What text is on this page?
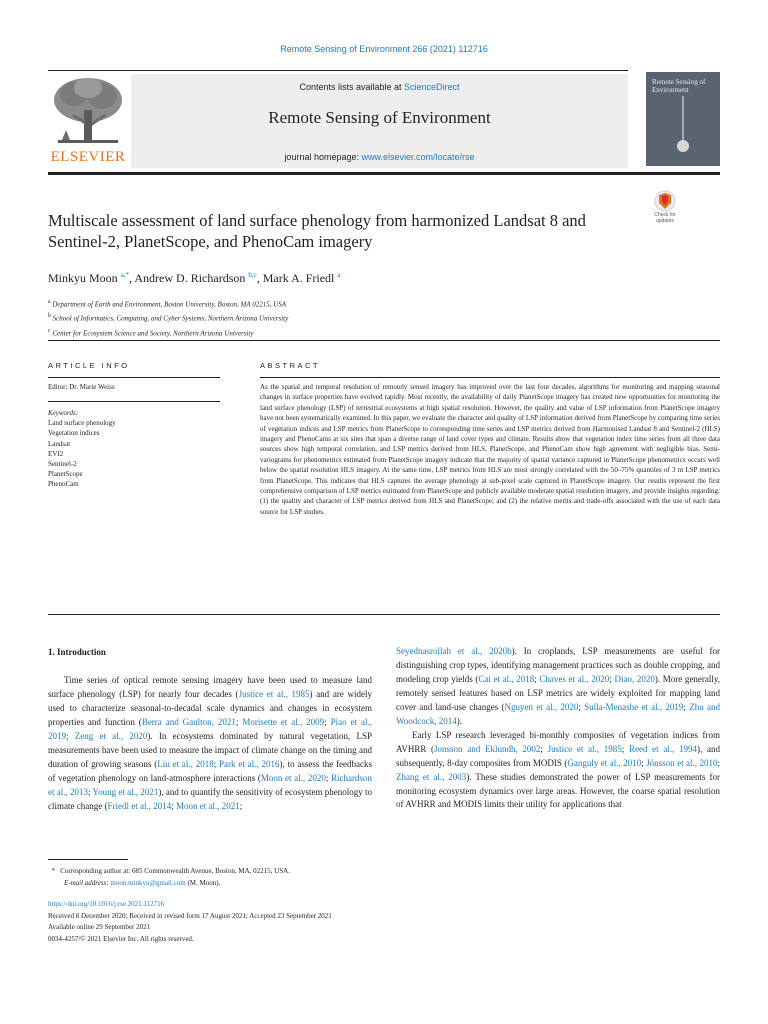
Remote Sensing of Environment 266 (2021) 112716
ELSEVIER
Contents lists available at ScienceDirect
Remote Sensing of Environment
journal homepage: www.elsevier.com/locate/rse
Remote Sensing of Environment
Multiscale assessment of land surface phenology from harmonized Landsat 8 and Sentinel-2, PlanetScope, and PhenoCam imagery
Check for updates
Minkyu Moon $^{a,*}$, Andrew D. Richardson $^{b,c}$, Mark A. Friedl $^a$
$^a$ Department of Earth and Environment, Boston University, Boston, MA 02215, USA
$^b$ School of Informatics, Computing, and Cyber Systems, Northern Arizona University
$^c$ Center for Ecosystem Science and Society, Northern Arizona University
ARTICLE INFO	ABSTRACT
Editor: Dr. Marie Weiss
Keywords:
Land surface phenology
Vegetation indices
Landsat
EVI2
Sentinel-2
PlanetScope
PhenoCam
As the spatial and temporal resolution of remotely sensed imagery has improved over the last four decades, algorithms for monitoring and mapping seasonal changes in surface properties have evolved rapidly. Most recently, the availability of daily PlanetScope imagery has created new opportunities for monitoring the land surface phenology (LSP) of terrestrial ecosystems at high spatial resolution. However, the quality and value of LSP information from PlanetScope imagery have not been systematically examined. In this paper, we evaluate the character and quality of LSP information derived from PlanetScope by comparing time series of vegetation indices and LSP metrics from PlanetScope to corresponding time series and LSP metrics derived from Harmonised Landsat 8 and Sentinel-2 (HLS) imagery and PhenoCams at six sites that span a diverse range of land cover types and climate. Results show that vegetation index time series from all three data sources show high temporal correlation, and LSP metrics derived from HLS, PlanetScope, and PhenoCam show high agreement with negligible bias. Semi-variograms for phenometrics estimated from PlanetScope imagery indicate that the majority of spatial variance captured in PlanetScope phenometrics occurs well below the spatial resolution HLS imagery. At the same time, LSP metrics from HLS are most strongly correlated with the 50–75% quantiles of 3 m LSP metrics from PlanetScope. This indicates that HLS captures the average phenology at sub-pixel scale captured in PlanetScope imagery. Our results represent the first comprehensive comparison of LSP metrics estimated from PlanetScope and publicly available moderate spatial resolution imagery, and provide insights regarding: (1) the quality and character of LSP metrics derived from HLS and PlanetScope; and (2) the relative merits and trade-offs associated with the use of each data source for LSP studies.
1. Introduction

Time series of optical remote sensing imagery have been used to measure land surface phenology (LSP) for nearly four decades (Justice et al., 1985) and are widely used to characterize seasonal-to-decadal scale dynamics and changes in ecosystem properties and function (Berra and Gaulton, 2021; Morisette et al., 2009; Piao et al., 2019; Zeng et al., 2020). In ecosystems dominated by natural vegetation, LSP measurements have been used to measure the impact of climate change on the timing and duration of growing seasons (Liu et al., 2018; Park et al., 2016), to assess the feedbacks of vegetation phenology on land-atmosphere interactions (Moon et al., 2020; Richardson et al., 2013; Young et al., 2021), and to quantify the sensitivity of ecosystem phenology to climate change (Friedl et al., 2014; Moon et al., 2021;

Seyednasrollah et al., 2020b). In croplands, LSP measurements are useful for distinguishing crop types, identifying management practices such as double cropping, and modeling crop yields (Cai et al., 2018; Chaves et al., 2020; Diao, 2020). More generally, remotely sensed features based on LSP metrics are widely exploited for mapping land cover and land-use changes (Nguyen et al., 2020; Sulla-Menashe et al., 2019; Zhu and Woodcock, 2014).

Early LSP research leveraged bi-monthly composites of vegetation indices from AVHRR (Jonsson and Eklundh, 2002; Justice et al., 1985; Reed et al., 1994), and subsequently, 8-day composites from MODIS (Ganguly et al., 2010; Jönsson et al., 2010; Zhang et al., 2003). These studies demonstrated the power of LSP measurements for monitoring ecosystem dynamics over large areas. However, the coarse spatial resolution of AVHRR and MODIS limits their utility for applications that

*   Corresponding author at: 685 Commonwealth Avenue, Boston, MA, 02215, USA.
E-mail address: moon.minkyu@gmail.com (M. Moon).
https://doi.org/10.1016/j.rse.2021.112716
Received 8 December 2020; Received in revised form 17 August 2021; Accepted 23 September 2021
Available online 29 September 2021
0034-4257/© 2021 Elsevier Inc. All rights reserved.
